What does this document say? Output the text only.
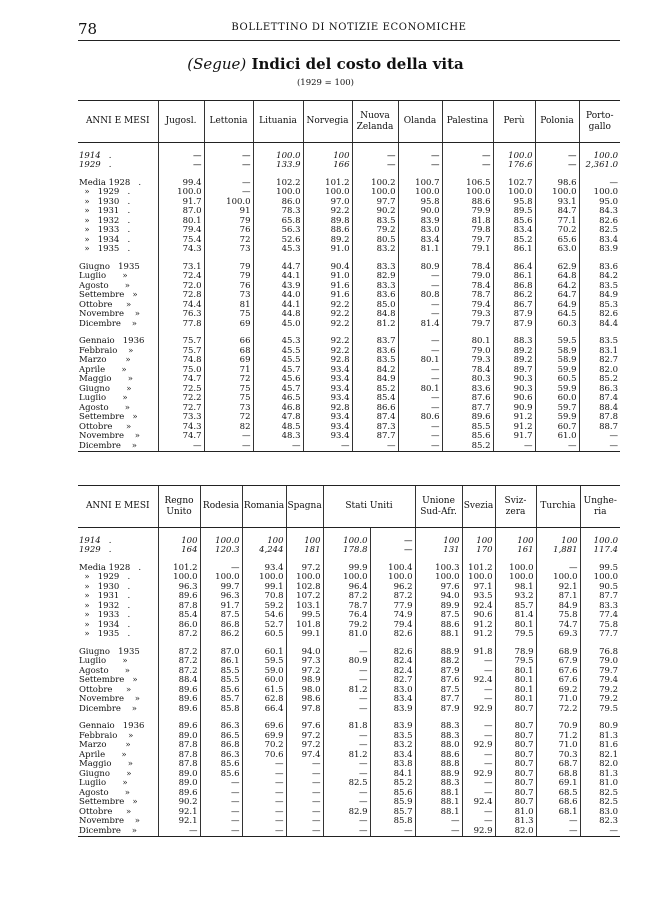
78	BOLLETTINO DI NOTIZIE ECONOMICHE
(Segue) Indici del costo della vita
(1929 = 100)
ANNI E MESI	Jugosl.	Lettonia	Lituania	Norvegia	Nuova Zelanda	Olanda	Palestina	Perù	Polonia	Porto-gallo

1914   .	—	—	100.0	100	—	—	—	100.0	—	100.0
1929   .	—	—	133.9	166	—	—	—	176.6	—	2,361.0

Media 1928   .	99.4	—	102.2	101.2	100.2	100.7	106.5	102.7	98.6	—
»   1929   .	100.0	—	100.0	100.0	100.0	100.0	100.0	100.0	100.0	100.0
»   1930   .	91.7	100.0	86.0	97.0	97.7	95.8	88.6	95.8	93.1	95.0
»   1931   .	87.0	91	78.3	92.2	90.2	90.0	79.9	89.5	84.7	84.3
»   1932   .	80.1	79	65.8	89.8	83.5	83.9	81.8	85.6	77.1	82.6
»   1933   .	79.4	76	56.3	88.6	79.2	83.0	79.8	83.4	70.2	82.5
»   1934   .	75.4	72	52.6	89.2	80.5	83.4	79.7	85.2	65.6	83.4
»   1935   .	74.3	73	45.3	91.0	83.2	81.1	79.1	86.1	63.0	83.9

Giugno   1935	73.1	79	44.7	90.4	83.3	80.9	78.4	86.4	62.9	83.6
Luglio      »	72.4	79	44.1	91.0	82.9	—	79.0	86.1	64.8	84.2
Agosto      »	72.0	76	43.9	91.6	83.3	—	78.4	86.8	64.2	83.5
Settembre   »	72.8	73	44.0	91.6	83.6	80.8	78.7	86.2	64.7	84.9
Ottobre     »	74.4	81	44.1	92.2	85.0	—	79.4	86.7	64.9	85.3
Novembre    »	76.3	75	44.8	92.2	84.8	—	79.3	87.9	64.5	82.6
Dicembre    »	77.8	69	45.0	92.2	81.2	81.4	79.7	87.9	60.3	84.4

Gennaio   1936	75.7	66	45.3	92.2	83.7	—	80.1	88.3	59.5	83.5
Febbraio    »	75.7	68	45.5	92.2	83.6	—	79.0	89.2	58.9	83.1
Marzo       »	74.8	69	45.5	92.8	83.5	80.1	79.3	89.2	58.9	82.7
Aprile      »	75.0	71	45.7	93.4	84.2	—	78.4	89.7	59.9	82.0
Maggio      »	74.7	72	45.6	93.4	84.9	—	80.3	90.3	60.5	85.2
Giugno      »	72.5	75	45.7	93.4	85.2	80.1	83.6	90.3	59.9	86.3
Luglio      »	72.2	75	46.5	93.4	85.4	—	87.6	90.6	60.0	87.4
Agosto      »	72.7	73	46.8	92.8	86.6	—	87.7	90.9	59.7	88.4
Settembre   »	73.3	72	47.8	93.4	87.4	80.6	89.6	91.2	59.9	87.8
Ottobre     »	74.3	82	48.5	93.4	87.3	—	85.5	91.2	60.7	88.7
Novembre    »	74.7	—	48.3	93.4	87.7	—	85.6	91.7	61.0	—
Dicembre    »	—	—	—	—	—	—	85.2	—	—	—
ANNI E MESI	Regno Unito	Rodesia	Romania	Spagna	Stati Uniti		Unione Sud-Afr.	Svezia	Sviz-zera	Turchia	Unghe-ria

1914   .	100	100.0	100	100	100.0	—	100	100	100	100	100.0
1929   .	164	120.3	4,244	181	178.8	—	131	170	161	1,881	117.4

Media 1928   .	101.2	—	93.4	97.2	99.9	100.4	100.3	101.2	100.0	—	99.5
»   1929   .	100.0	100.0	100.0	100.0	100.0	100.0	100.0	100.0	100.0	100.0	100.0
»   1930   .	96.3	99.7	99.1	102.8	96.4	96.2	97.6	97.1	98.1	92.1	90.5
»   1931   .	89.6	96.3	70.8	107.2	87.2	87.2	94.0	93.5	93.2	87.1	87.7
»   1932   .	87.8	91.7	59.2	103.1	78.7	77.9	89.9	92.4	85.7	84.9	83.3
»   1933   .	85.4	87.5	54.6	99.5	76.4	74.9	87.5	90.6	81.4	75.8	77.4
»   1934   .	86.0	86.8	52.7	101.8	79.2	79.4	88.6	91.2	80.1	74.7	75.8
»   1935   .	87.2	86.2	60.5	99.1	81.0	82.6	88.1	91.2	79.5	69.3	77.7

Giugno   1935	87.2	87.0	60.1	94.0	—	82.6	88.9	91.8	78.9	68.9	76.8
Luglio      »	87.2	86.1	59.5	97.3	80.9	82.4	88.2	—	79.5	67.9	79.0
Agosto      »	87.2	85.5	59.0	97.2	—	82.4	87.9	—	80.1	67.6	79.7
Settembre   »	88.4	85.5	60.0	98.9	—	82.7	87.6	92.4	80.1	67.6	79.4
Ottobre     »	89.6	85.6	61.5	98.0	81.2	83.0	87.5	—	80.1	69.2	79.2
Novembre    »	89.6	85.7	62.8	98.6	—	83.4	87.7	—	80.1	71.0	79.2
Dicembre    »	89.6	85.8	66.4	97.8	—	83.9	87.9	92.9	80.7	72.2	79.5

Gennaio   1936	89.6	86.3	69.6	97.6	81.8	83.9	88.3	—	80.7	70.9	80.9
Febbraio    »	89.0	86.5	69.9	97.2	—	83.5	88.3	—	80.7	71.2	81.3
Marzo       »	87.8	86.8	70.2	97.2	—	83.2	88.0	92.9	80.7	71.0	81.6
Aprile      »	87.8	86.3	70.6	97.4	81.2	83.4	88.6	—	80.7	70.3	82.1
Maggio      »	87.8	85.6	—	—	—	83.8	88.8	—	80.7	68.7	82.0
Giugno      »	89.0	85.6	—	—	—	84.1	88.9	92.9	80.7	68.8	81.3
Luglio      »	89.0	—	—	—	82.5	85.2	88.3	—	80.7	69.1	81.0
Agosto      »	89.6	—	—	—	—	85.6	88.1	—	80.7	68.5	82.5
Settembre   »	90.2	—	—	—	—	85.9	88.1	92.4	80.7	68.6	82.5
Ottobre     »	92.1	—	—	—	82.9	85.7	88.1	—	81.0	68.1	83.0
Novembre    »	92.1	—	—	—	—	85.8	—	—	81.3	—	82.3
Dicembre    »	—	—	—	—	—	—	—	92.9	82.0	—	—
